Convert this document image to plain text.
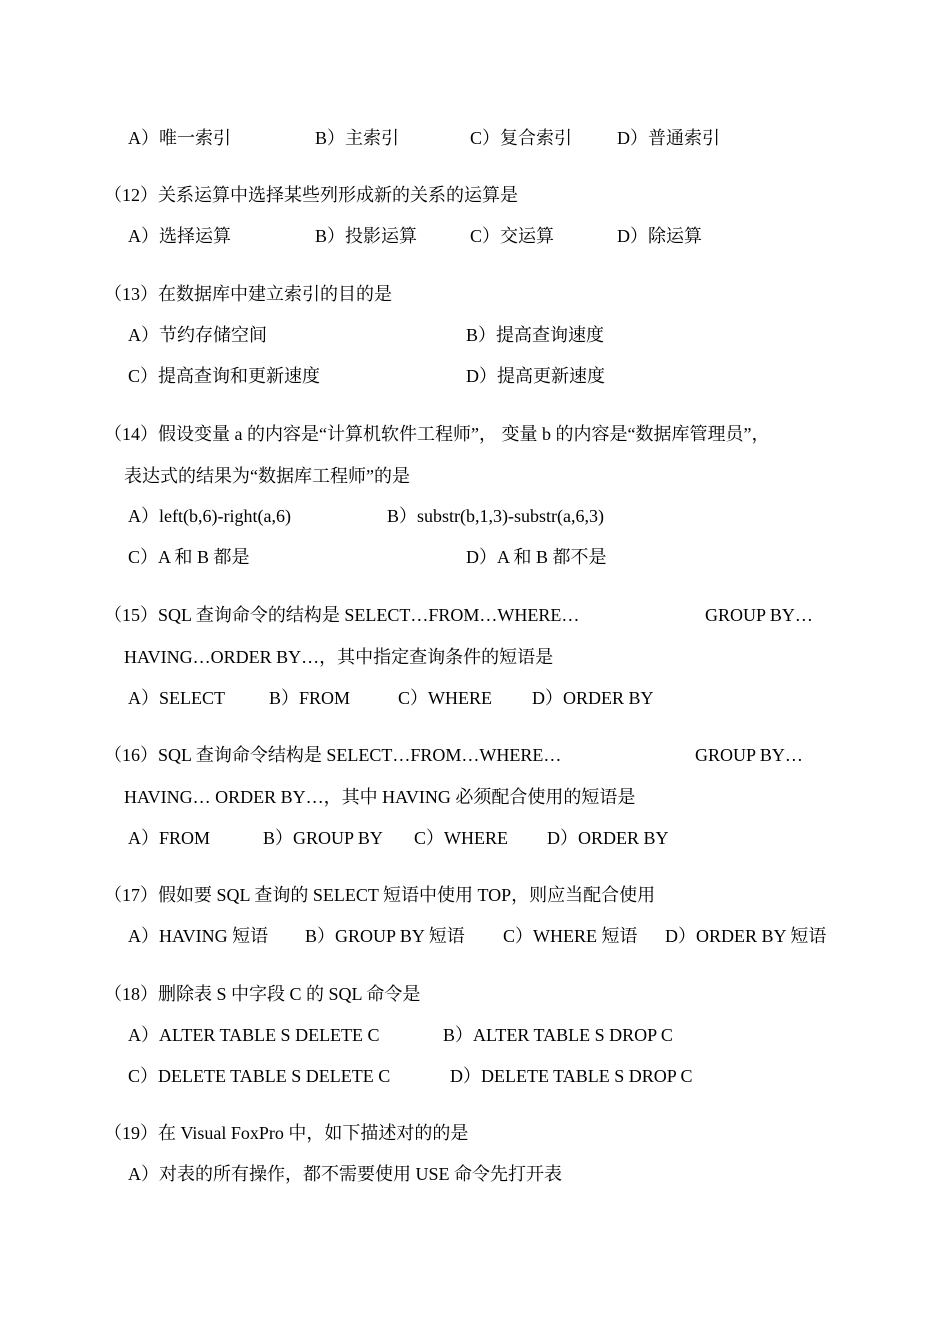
A）唯一索引	B）主索引	C）复合索引 D）普通索引
（12）关系运算中选择某些列形成新的关系的运算是
A）选择运算	B）投影运算	C）交运算	D）除运算
（13）在数据库中建立索引的目的是
A）节约存储空间	B）提高查询速度
C）提高查询和更新速度	D）提高更新速度
（14）假设变量 a 的内容是“计算机软件工程师”， 变量 b 的内容是“数据库管理员”，
表达式的结果为“数据库工程师”的是
A）left(b,6)-right(a,6)	B）substr(b,1,3)-substr(a,6,3)
C）A 和 B 都是	D）A 和 B 都不是
（15）SQL 查询命令的结构是 SELECT…FROM…WHERE…	GROUP BY…
HAVING…ORDER BY…，其中指定查询条件的短语是
A）SELECT B）FROM	C）WHERE D）ORDER BY
（16）SQL 查询命令结构是 SELECT…FROM…WHERE…	GROUP BY…
HAVING… ORDER BY…，其中 HAVING 必须配合使用的短语是
A）FROM	B）GROUP BY C）WHERE D）ORDER BY
（17）假如要 SQL 查询的 SELECT 短语中使用 TOP，则应当配合使用
A）HAVING 短语 B）GROUP BY 短语 C）WHERE 短语 D）ORDER BY 短语
（18）删除表 S 中字段 C 的 SQL 命令是
A）ALTER TABLE S DELETE C	B）ALTER TABLE S DROP C
C）DELETE TABLE S DELETE C	D）DELETE TABLE S DROP C
（19）在 Visual FoxPro 中，如下描述对的的是
A）对表的所有操作，都不需要使用 USE 命令先打开表
